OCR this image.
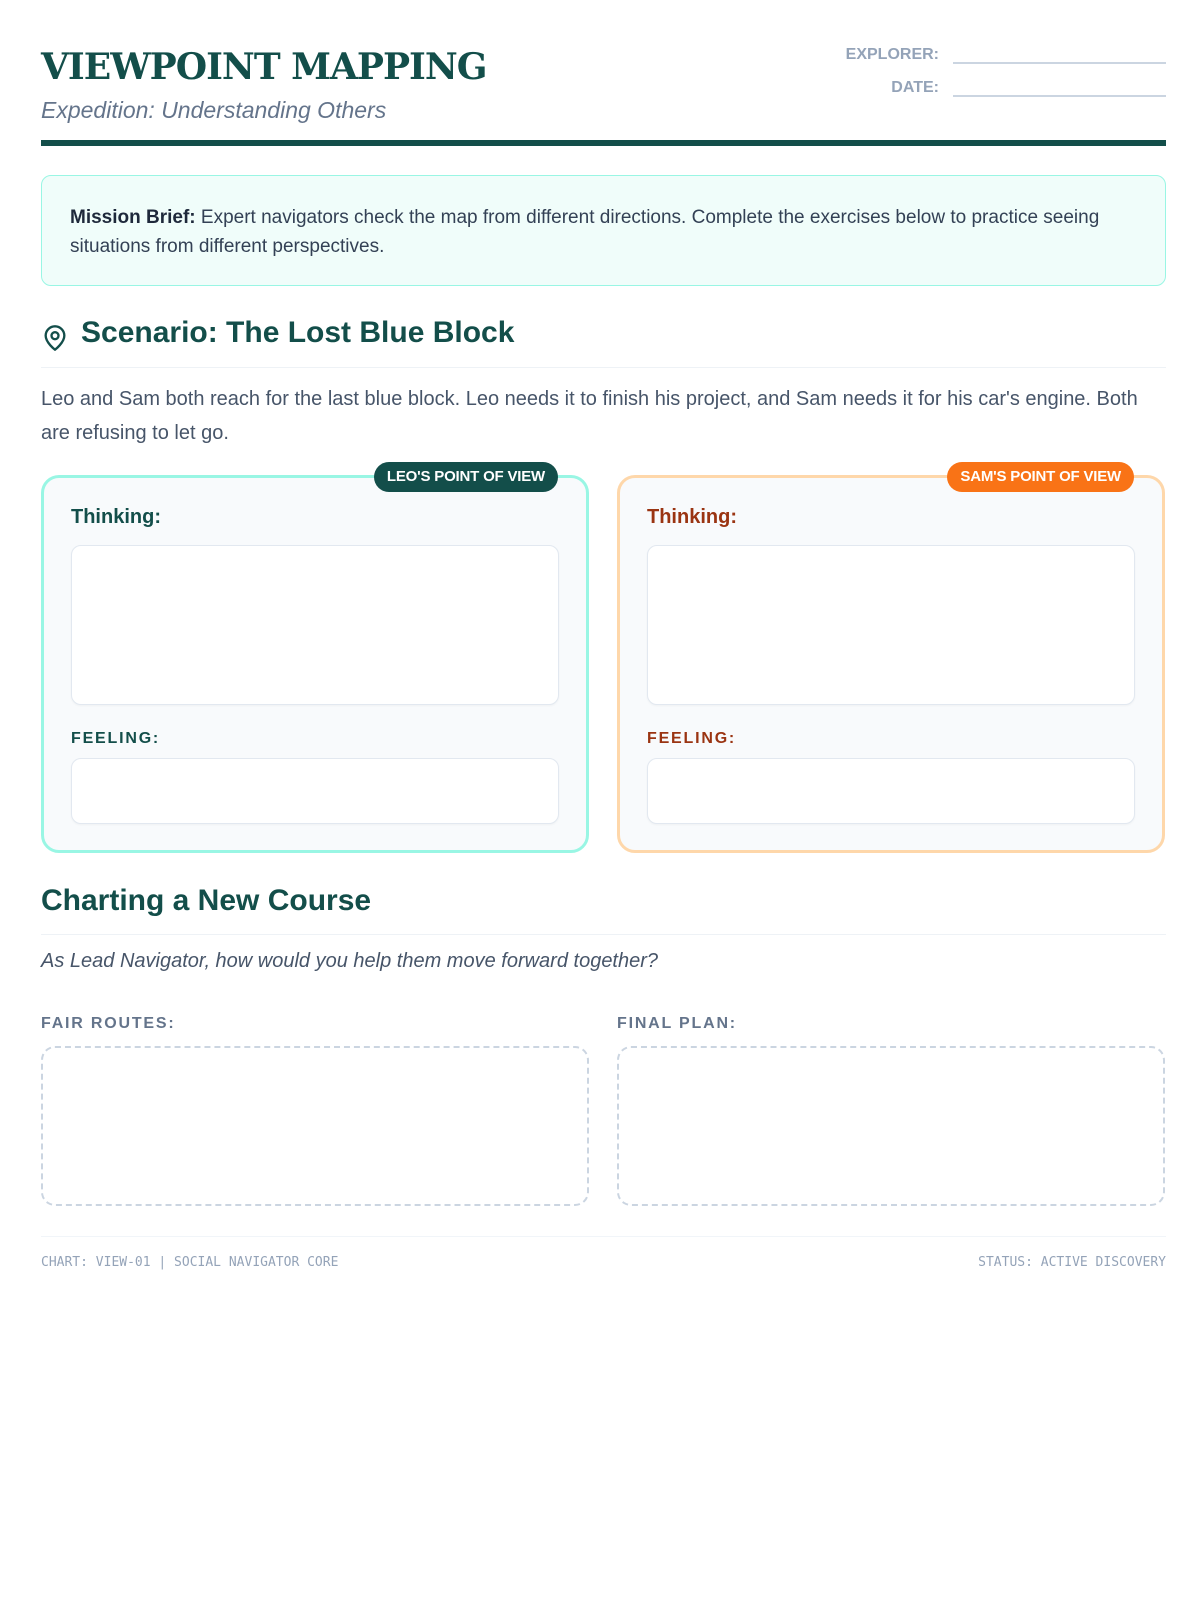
VIEWPOINT MAPPING
Expedition: Understanding Others
EXPLORER:
DATE:
Mission Brief: Expert navigators check the map from different directions. Complete the exercises below to practice seeing situations from different perspectives.
Scenario: The Lost Blue Block
Leo and Sam both reach for the last blue block. Leo needs it to finish his project, and Sam needs it for his car's engine. Both are refusing to let go.
LEO'S POINT OF VIEW
Thinking:
FEELING:
SAM'S POINT OF VIEW
Thinking:
FEELING:
Charting a New Course
As Lead Navigator, how would you help them move forward together?
FAIR ROUTES:	FINAL PLAN:
CHART: VIEW-01 | SOCIAL NAVIGATOR CORE	STATUS: ACTIVE DISCOVERY
